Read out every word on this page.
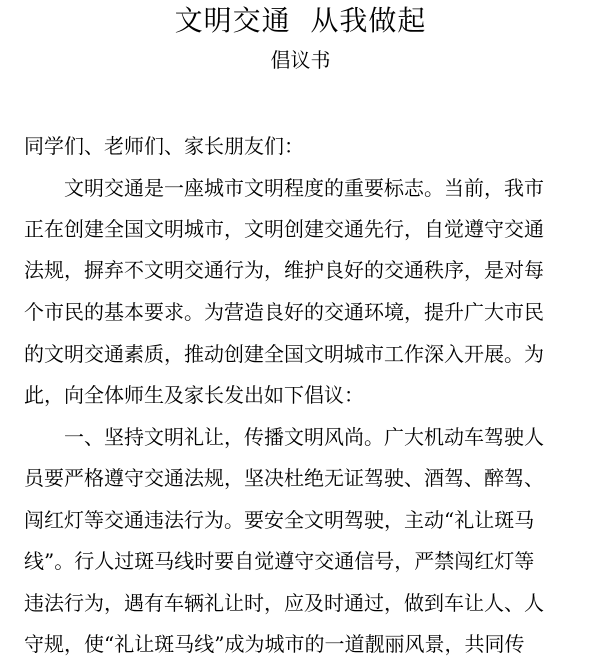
文明交通  从我做起
倡议书
同学们、老师们、家长朋友们：
　　文明交通是一座城市文明程度的重要标志。当前，我市
正在创建全国文明城市，文明创建交通先行，自觉遵守交通
法规，摒弃不文明交通行为，维护良好的交通秩序，是对每
个市民的基本要求。为营造良好的交通环境，提升广大市民
的文明交通素质，推动创建全国文明城市工作深入开展。为
此，向全体师生及家长发出如下倡议：
　　一、坚持文明礼让，传播文明风尚。广大机动车驾驶人
员要严格遵守交通法规，坚决杜绝无证驾驶、酒驾、醉驾、
闯红灯等交通违法行为。要安全文明驾驶，主动“礼让斑马
线”。行人过斑马线时要自觉遵守交通信号，严禁闯红灯等
违法行为，遇有车辆礼让时，应及时通过，做到车让人、人
守规，使“礼让斑马线”成为城市的一道靓丽风景，共同传
